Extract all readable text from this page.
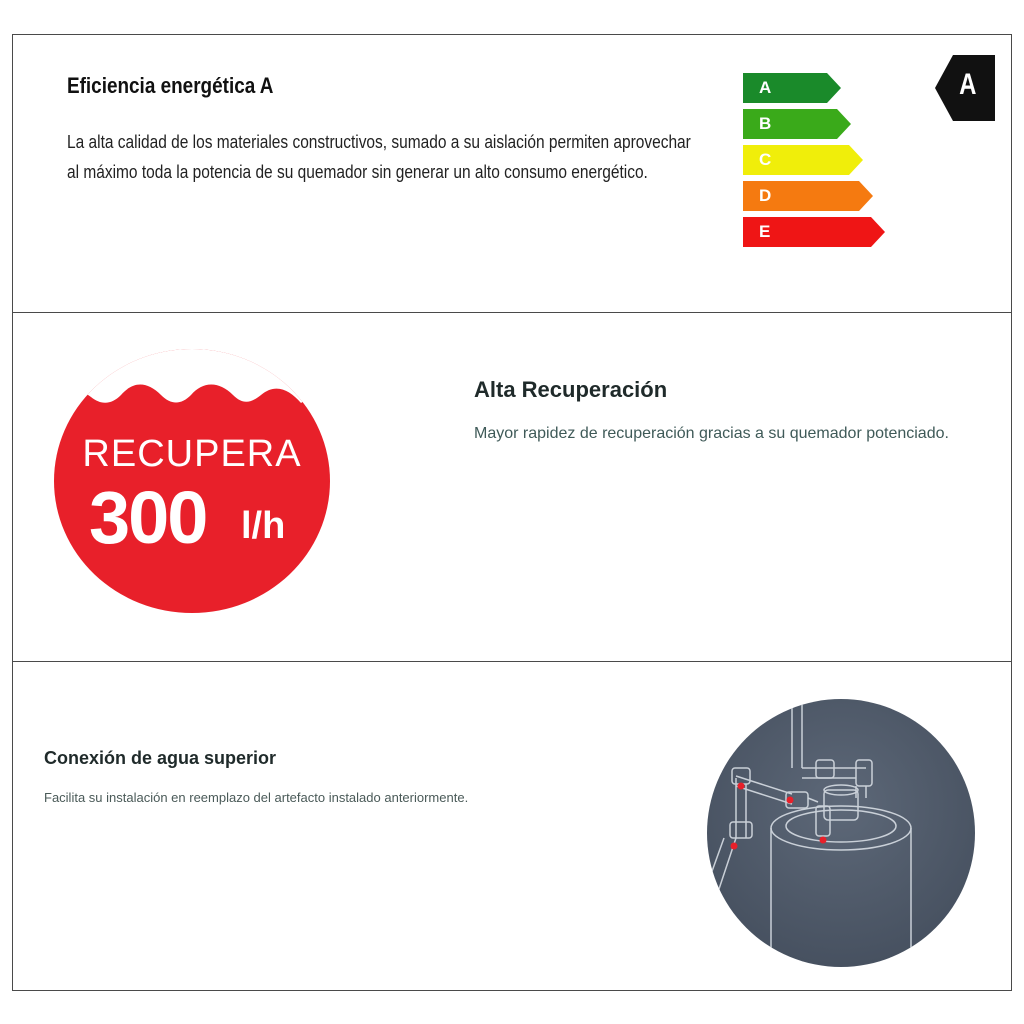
Eficiencia energética A
La alta calidad de los materiales constructivos, sumado a su aislación permiten aprovechar
al máximo toda la potencia de su quemador sin generar un alto consumo energético.
A
B
C
D
E
A
RECUPERA
300 l/h
Alta Recuperación
Mayor rapidez de recuperación gracias a su quemador potenciado.
Conexión de agua superior
Facilita su instalación en reemplazo del artefacto instalado anteriormente.
